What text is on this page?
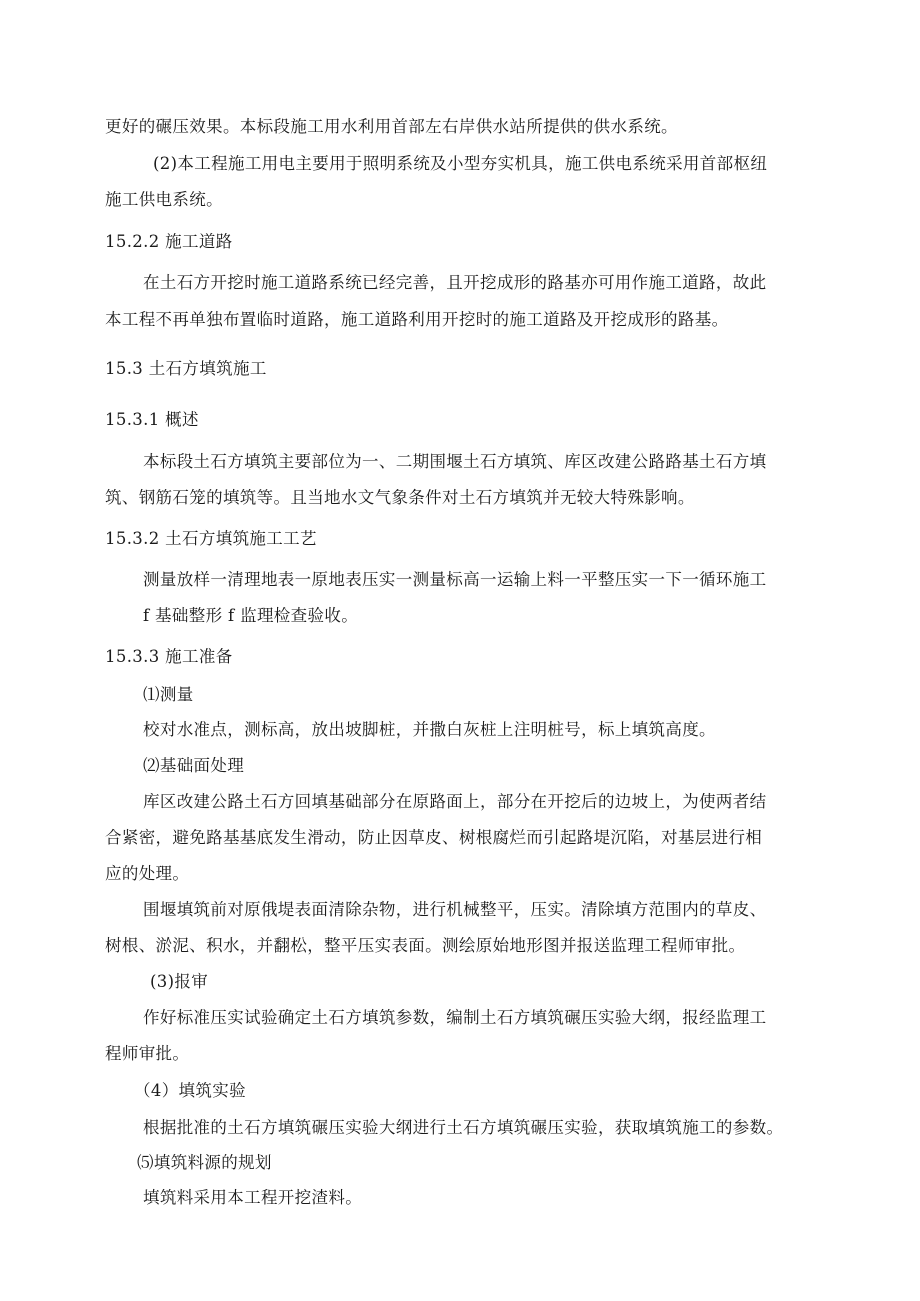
更好的碾压效果。本标段施工用水利用首部左右岸供水站所提供的供水系统。
(2)本工程施工用电主要用于照明系统及小型夯实机具，施工供电系统采用首部枢纽
施工供电系统。
15.2.2 施工道路
在土石方开挖时施工道路系统已经完善，且开挖成形的路基亦可用作施工道路，故此
本工程不再单独布置临时道路，施工道路利用开挖时的施工道路及开挖成形的路基。
15.3 土石方填筑施工
15.3.1 概述
本标段土石方填筑主要部位为一、二期围堰土石方填筑、库区改建公路路基土石方填
筑、钢筋石笼的填筑等。且当地水文气象条件对土石方填筑并无较大特殊影响。
15.3.2 土石方填筑施工工艺
测量放样一清理地表一原地表压实一测量标高一运输上料一平整压实一下一循环施工
f 基础整形 f 监理检查验收。
15.3.3 施工准备
⑴测量
校对水准点，测标高，放出坡脚桩，并撒白灰桩上注明桩号，标上填筑高度。
⑵基础面处理
库区改建公路土石方回填基础部分在原路面上，部分在开挖后的边坡上，为使两者结
合紧密，避免路基基底发生滑动，防止因草皮、树根腐烂而引起路堤沉陷，对基层进行相
应的处理。
围堰填筑前对原俄堤表面清除杂物，进行机械整平，压实。清除填方范围内的草皮、
树根、淤泥、积水，并翻松，整平压实表面。测绘原始地形图并报送监理工程师审批。
(3)报审
作好标准压实试验确定土石方填筑参数，编制土石方填筑碾压实验大纲，报经监理工
程师审批。
（4）填筑实验
根据批准的土石方填筑碾压实验大纲进行土石方填筑碾压实验，获取填筑施工的参数。
⑸填筑料源的规划
填筑料采用本工程开挖渣料。
